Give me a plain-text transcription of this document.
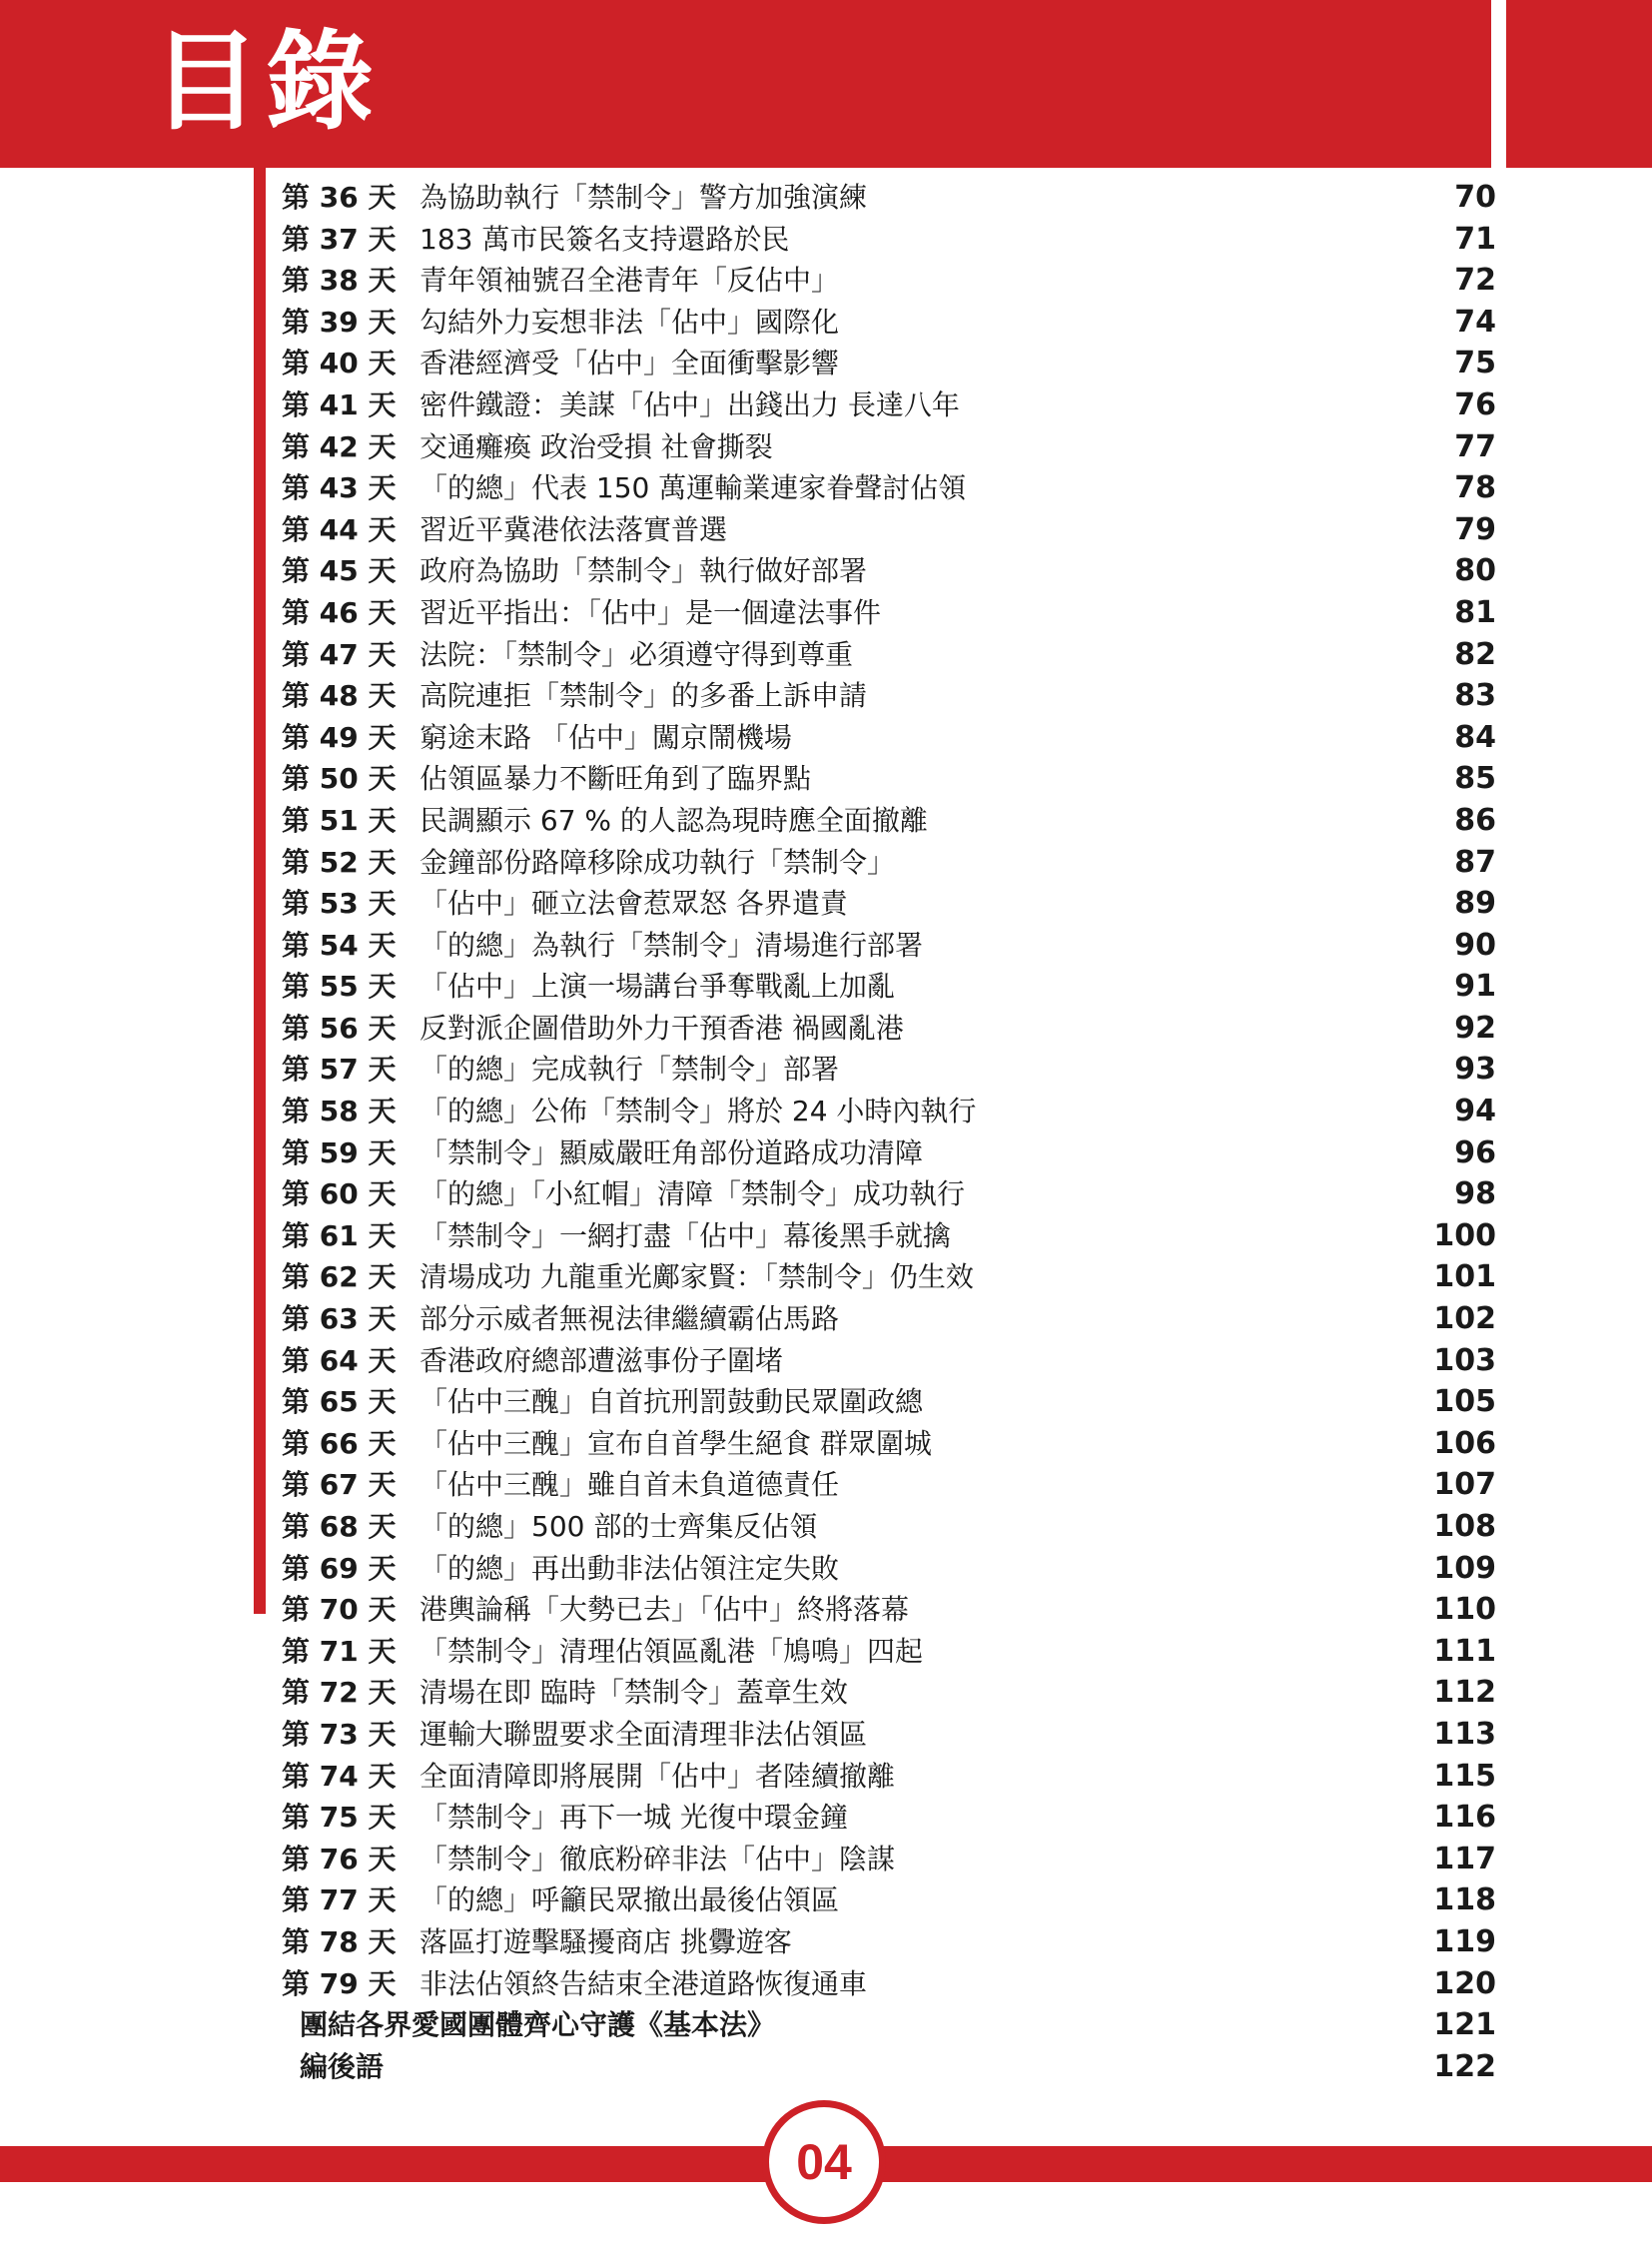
目錄
第 36 天 為協助執行「禁制令」警方加強演練	70
第 37 天 183 萬市民簽名支持還路於民	71
第 38 天 青年領袖號召全港青年「反佔中」	72
第 39 天 勾結外力妄想非法「佔中」國際化	74
第 40 天 香港經濟受「佔中」全面衝擊影響	75
第 41 天 密件鐵證：美謀「佔中」出錢出力 長達八年	76
第 42 天 交通癱瘓 政治受損 社會撕裂	77
第 43 天 「的總」代表 150 萬運輸業連家眷聲討佔領	78
第 44 天 習近平冀港依法落實普選	79
第 45 天 政府為協助「禁制令」執行做好部署	80
第 46 天 習近平指出：「佔中」是一個違法事件	81
第 47 天 法院：「禁制令」必須遵守得到尊重	82
第 48 天 高院連拒「禁制令」的多番上訴申請	83
第 49 天 窮途末路 「佔中」闖京鬧機場	84
第 50 天 佔領區暴力不斷旺角到了臨界點	85
第 51 天 民調顯示 67 % 的人認為現時應全面撤離	86
第 52 天 金鐘部份路障移除成功執行「禁制令」	87
第 53 天 「佔中」砸立法會惹眾怒 各界遣責	89
第 54 天 「的總」為執行「禁制令」清場進行部署	90
第 55 天 「佔中」上演一場講台爭奪戰亂上加亂	91
第 56 天 反對派企圖借助外力干預香港 禍國亂港	92
第 57 天 「的總」完成執行「禁制令」部署	93
第 58 天 「的總」公佈「禁制令」將於 24 小時內執行	94
第 59 天 「禁制令」顯威嚴旺角部份道路成功清障	96
第 60 天 「的總」「小紅帽」清障「禁制令」成功執行	98
第 61 天 「禁制令」一網打盡「佔中」幕後黑手就擒	100
第 62 天 清場成功 九龍重光鄺家賢：「禁制令」仍生效	101
第 63 天 部分示威者無視法律繼續霸佔馬路	102
第 64 天 香港政府總部遭滋事份子圍堵	103
第 65 天 「佔中三醜」自首抗刑罰鼓動民眾圍政總	105
第 66 天 「佔中三醜」宣布自首學生絕食 群眾圍城	106
第 67 天 「佔中三醜」雖自首未負道德責任	107
第 68 天 「的總」500 部的士齊集反佔領	108
第 69 天 「的總」再出動非法佔領注定失敗	109
第 70 天 港輿論稱「大勢已去」「佔中」終將落幕	110
第 71 天 「禁制令」清理佔領區亂港「鳩鳴」四起	111
第 72 天 清場在即 臨時「禁制令」蓋章生效	112
第 73 天 運輸大聯盟要求全面清理非法佔領區	113
第 74 天 全面清障即將展開「佔中」者陸續撤離	115
第 75 天 「禁制令」再下一城 光復中環金鐘	116
第 76 天 「禁制令」徹底粉碎非法「佔中」陰謀	117
第 77 天 「的總」呼籲民眾撤出最後佔領區	118
第 78 天 落區打遊擊騷擾商店 挑釁遊客	119
第 79 天 非法佔領終告結束全港道路恢復通車	120
團結各界愛國團體齊心守護《基本法》	121
編後語	122
04
